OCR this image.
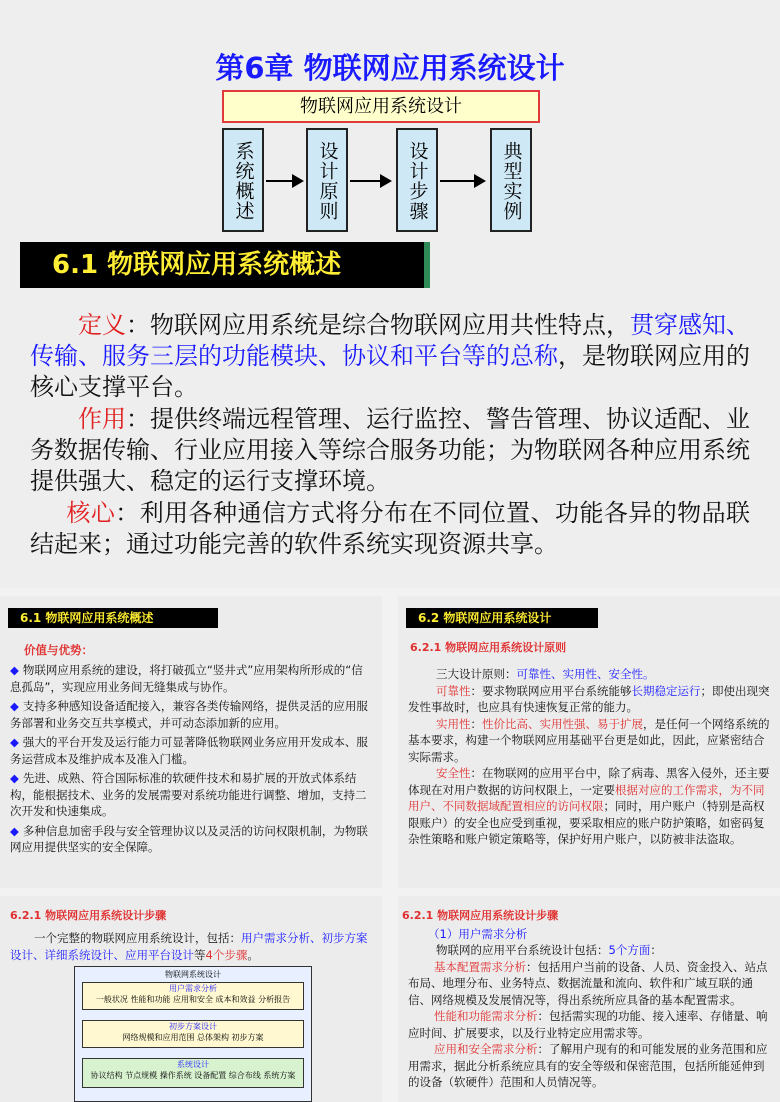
第6章 物联网应用系统设计
物联网应用系统设计
系统概述	设计原则	设计步骤	典型实例
6.1 物联网应用系统概述
定义：物联网应用系统是综合物联网应用共性特点，贯穿感知、传输、服务三层的功能模块、协议和平台等的总称，是物联网应用的核心支撑平台。
作用：提供终端远程管理、运行监控、警告管理、协议适配、业务数据传输、行业应用接入等综合服务功能；为物联网各种应用系统提供强大、稳定的运行支撑环境。
核心：利用各种通信方式将分布在不同位置、功能各异的物品联结起来；通过功能完善的软件系统实现资源共享。
6.1 物联网应用系统概述
价值与优势：
◆ 物联网应用系统的建设，将打破孤立“竖井式”应用架构所形成的“信息孤岛”，实现应用业务间无缝集成与协作。
◆ 支持多种感知设备适配接入，兼容各类传输网络，提供灵活的应用服务部署和业务交互共享模式，并可动态添加新的应用。
◆ 强大的平台开发及运行能力可显著降低物联网业务应用开发成本、服务运营成本及维护成本及准入门槛。
◆ 先进、成熟、符合国际标准的软硬件技术和易扩展的开放式体系结构，能根据技术、业务的发展需要对系统功能进行调整、增加，支持二次开发和快速集成。
◆ 多种信息加密手段与安全管理协议以及灵活的访问权限机制，为物联网应用提供坚实的安全保障。
6.2 物联网应用系统设计
6.2.1 物联网应用系统设计原则
三大设计原则：可靠性、实用性、安全性。
可靠性：要求物联网应用平台系统能够长期稳定运行；即使出现突发性事故时，也应具有快速恢复正常的能力。
实用性：性价比高、实用性强、易于扩展，是任何一个网络系统的基本要求，构建一个物联网应用基础平台更是如此，因此，应紧密结合实际需求。
安全性：在物联网的应用平台中，除了病毒、黑客入侵外，还主要体现在对用户数据的访问权限上，一定要根据对应的工作需求，为不同用户、不同数据域配置相应的访问权限；同时，用户账户（特别是高权限账户）的安全也应受到重视，要采取相应的账户防护策略，如密码复杂性策略和账户锁定策略等，保护好用户账户，以防被非法盗取。
6.2.1 物联网应用系统设计步骤
一个完整的物联网应用系统设计，包括：用户需求分析、初步方案设计、详细系统设计、应用平台设计等4个步骤。
物联网系统设计
用户需求分析
一般状况 性能和功能 应用和安全 成本和效益 分析报告
初步方案设计
网络规模和应用范围 总体架构 初步方案
系统设计
协议结构 节点规模 操作系统 设备配置 综合布线 系统方案
6.2.1 物联网应用系统设计步骤
（1）用户需求分析
物联网的应用平台系统设计包括：5个方面：
基本配置需求分析：包括用户当前的设备、人员、资金投入、站点布局、地理分布、业务特点、数据流量和流向、软件和广域互联的通信、网络规模及发展情况等，得出系统所应具备的基本配置需求。
性能和功能需求分析：包括需实现的功能、接入速率、存储量、响应时间、扩展要求，以及行业特定应用需求等。
应用和安全需求分析：了解用户现有的和可能发展的业务范围和应用需求，据此分析系统应具有的安全等级和保密范围，包括所能延伸到的设备（软硬件）范围和人员情况等。
